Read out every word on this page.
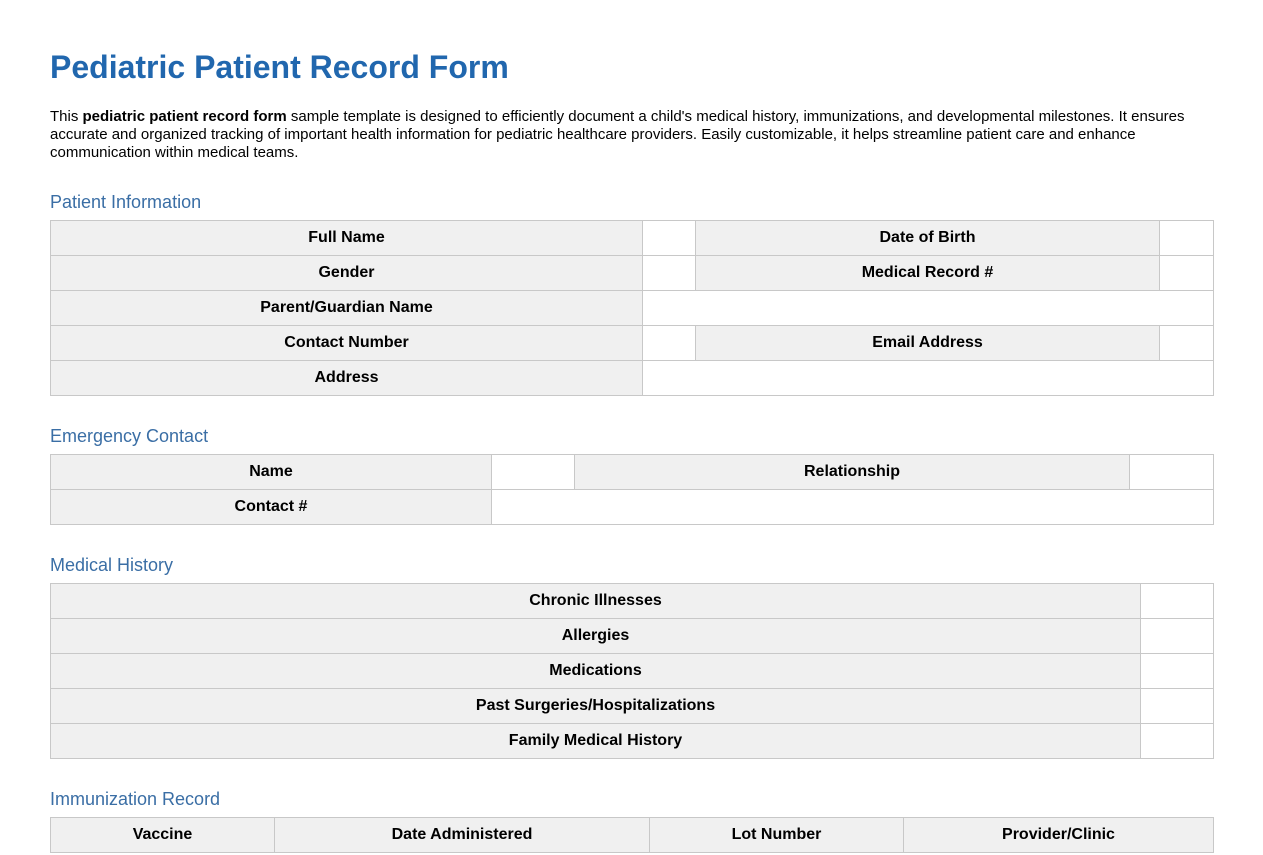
Pediatric Patient Record Form

This pediatric patient record form sample template is designed to efficiently document a child's medical history, immunizations, and developmental milestones. It ensures accurate and organized tracking of important health information for pediatric healthcare providers. Easily customizable, it helps streamline patient care and enhance communication within medical teams.

Patient Information
Full Name		Date of Birth	
Gender		Medical Record #	
Parent/Guardian Name			
Contact Number		Email Address	
Address			
Emergency Contact
Name		Relationship	
Contact #			
Medical History
Chronic Illnesses	
Allergies	
Medications	
Past Surgeries/Hospitalizations	
Family Medical History	
Immunization Record
Vaccine	Date Administered	Lot Number	Provider/Clinic
